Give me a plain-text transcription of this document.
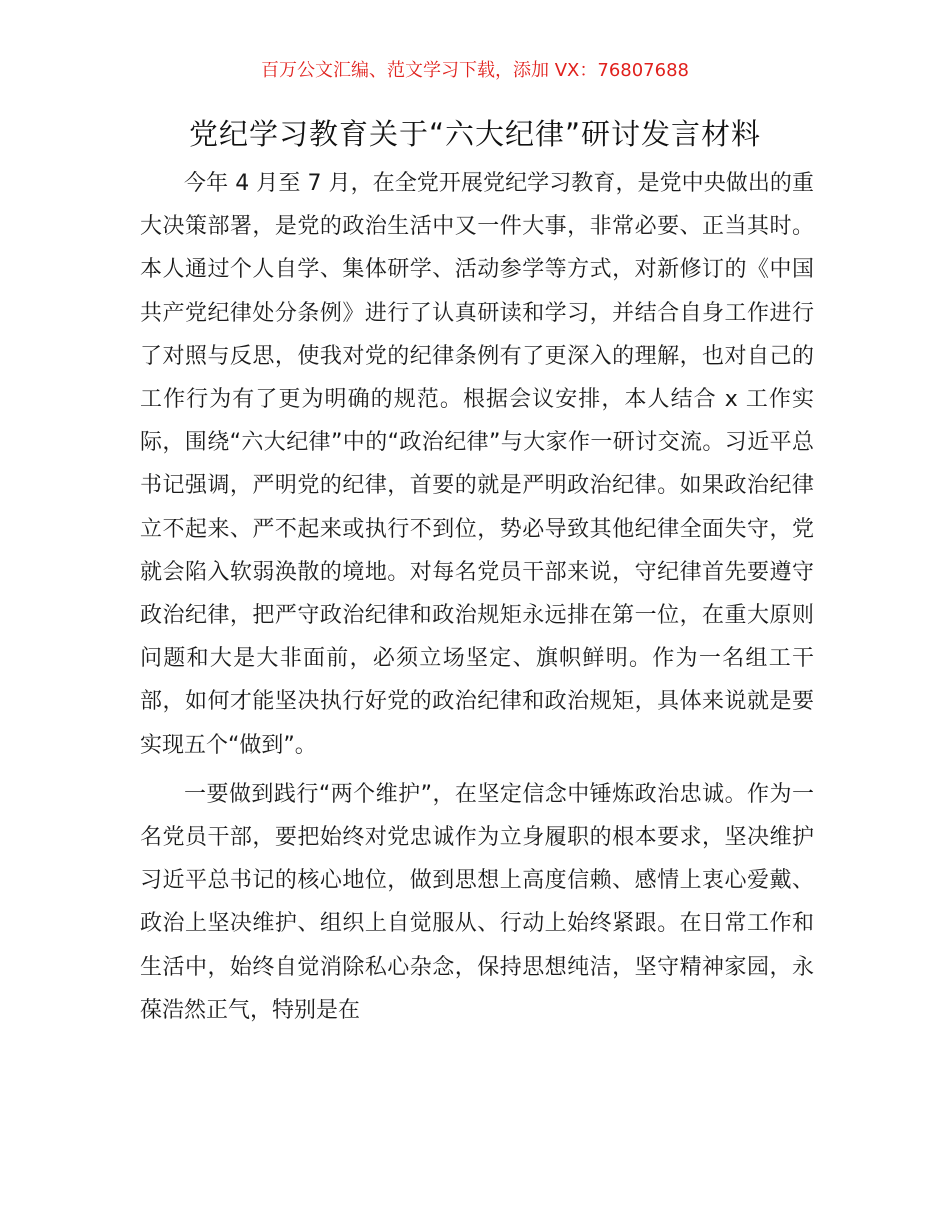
百万公文汇编、范文学习下载，添加 VX：76807688
党纪学习教育关于“六大纪律”研讨发言材料

今年 4 月至 7 月，在全党开展党纪学习教育，是党中央做出的重大决策部署，是党的政治生活中又一件大事，非常必要、正当其时。本人通过个人自学、集体研学、活动参学等方式，对新修订的《中国共产党纪律处分条例》进行了认真研读和学习，并结合自身工作进行了对照与反思，使我对党的纪律条例有了更深入的理解，也对自己的工作行为有了更为明确的规范。根据会议安排，本人结合 x 工作实际，围绕“六大纪律”中的“政治纪律”与大家作一研讨交流。习近平总书记强调，严明党的纪律，首要的就是严明政治纪律。如果政治纪律立不起来、严不起来或执行不到位，势必导致其他纪律全面失守，党就会陷入软弱涣散的境地。对每名党员干部来说，守纪律首先要遵守政治纪律，把严守政治纪律和政治规矩永远排在第一位，在重大原则问题和大是大非面前，必须立场坚定、旗帜鲜明。作为一名组工干部，如何才能坚决执行好党的政治纪律和政治规矩，具体来说就是要实现五个“做到”。

一要做到践行“两个维护”，在坚定信念中锤炼政治忠诚。作为一名党员干部，要把始终对党忠诚作为立身履职的根本要求，坚决维护习近平总书记的核心地位，做到思想上高度信赖、感情上衷心爱戴、政治上坚决维护、组织上自觉服从、行动上始终紧跟。在日常工作和生活中，始终自觉消除私心杂念，保持思想纯洁，坚守精神家园，永葆浩然正气，特别是在
